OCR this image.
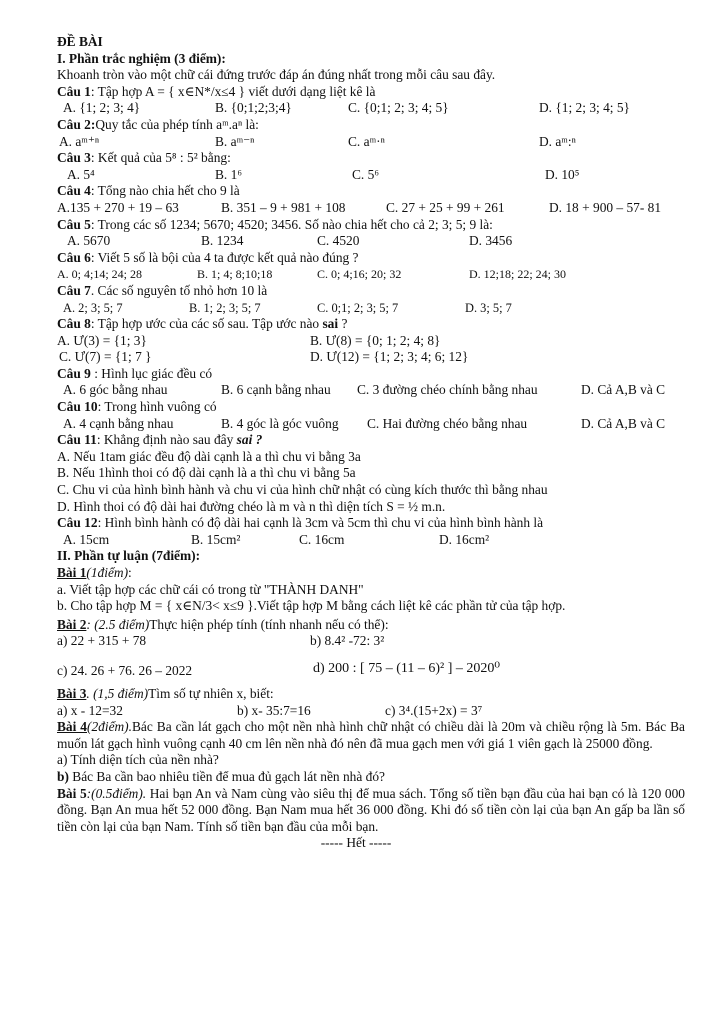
ĐỀ BÀI
I. Phần trắc nghiệm (3 điểm):
Khoanh tròn vào một chữ cái đứng trước đáp án đúng nhất trong mỗi câu sau đây.
Câu 1: Tập hợp A = { x∈N*/x≤4 } viết dưới dạng liệt kê là
A. {1; 2; 3; 4}	B. {0;1;2;3;4}	C. {0;1; 2; 3; 4; 5}	D. {1; 2; 3; 4; 5}
Câu 2:Quy tắc của phép tính aᵐ.aⁿ là:
A. aᵐ⁺ⁿ	B. aᵐ⁻ⁿ	C. aᵐ·ⁿ	D. aᵐ:ⁿ
Câu 3: Kết quả của 5⁸ : 5² bằng:
A. 5⁴	B. 1⁶	C. 5⁶	D. 10⁵
Câu 4: Tổng nào chia hết cho 9 là
A.135 + 270 + 19 – 63	B. 351 – 9 + 981 + 108	C. 27 + 25 + 99 + 261	D. 18 + 900 – 57- 81
Câu 5: Trong các số 1234; 5670; 4520; 3456. Số nào chia hết cho cả 2; 3; 5; 9 là:
A. 5670	B. 1234	C. 4520	D. 3456
Câu 6: Viết 5 số là bội của 4 ta được kết quả nào đúng ?
A. 0; 4;14; 24; 28	B. 1; 4; 8;10;18	C. 0; 4;16; 20; 32	D. 12;18; 22; 24; 30
Câu 7. Các số nguyên tố nhỏ hơn 10 là
A. 2; 3; 5; 7	B. 1; 2; 3; 5; 7	C. 0;1; 2; 3; 5; 7	D. 3; 5; 7
Câu 8: Tập hợp ước của các số sau. Tập ước nào sai ?
A. Ư(3) = {1; 3}	B. Ư(8) = {0; 1; 2; 4; 8}
C. Ư(7) = {1; 7 }	D. Ư(12) = {1; 2; 3; 4; 6; 12}
Câu 9 : Hình lục giác đều có
A. 6 góc bằng nhau	B. 6 cạnh bằng nhau C. 3 đường chéo chính bằng nhau	D. Cả A,B và C
Câu 10: Trong hình vuông có
A. 4 cạnh bằng nhau	B. 4 góc là góc vuông C. Hai đường chéo bằng nhau	D. Cả A,B và C
Câu 11: Khẳng định nào sau đây sai ?
A. Nếu 1tam giác đều độ dài cạnh là a thì chu vi bằng 3a
B. Nếu 1hình thoi có độ dài cạnh là a thì chu vi bằng 5a
C. Chu vi của hình bình hành và chu vi của hình chữ nhật có cùng kích thước thì bằng nhau
D. Hình thoi có độ dài hai đường chéo là m và n thì diện tích S = ½ m.n.
Câu 12: Hình bình hành có độ dài hai cạnh là 3cm và 5cm thì chu vi của hình bình hành là
A. 15cm	B. 15cm²	C. 16cm	D. 16cm²
II. Phần tự luận (7điểm):
Bài 1(1điểm):
a. Viết tập hợp các chữ cái có trong từ "THÀNH DANH"
b. Cho tập hợp M = { x∈N/3< x≤9 }.Viết tập hợp M bằng cách liệt kê các phần tử của tập hợp.
Bài 2: (2.5 điểm)Thực hiện phép tính (tính nhanh nếu có thể):
a) 22 + 315 + 78	b) 8.4² -72: 3²
c) 24. 26 + 76. 26 – 2022	d) 200 : [ 75 – (11 – 6)² ] – 2020⁰
Bài 3. (1,5 điểm)Tìm số tự nhiên x, biết:
a) x - 12=32	b) x- 35:7=16	c) 3⁴.(15+2x) = 3⁷
Bài 4(2điểm).Bác Ba cần lát gạch cho một nền nhà hình chữ nhật có chiều dài là 20m và chiều rộng là 5m. Bác Ba muốn lát gạch hình vuông cạnh 40 cm lên nền nhà đó nên đã mua gạch men với giá 1 viên gạch là 25000 đồng.
a) Tính diện tích của nền nhà?
b) Bác Ba cần bao nhiêu tiền để mua đủ gạch lát nền nhà đó?
Bài 5:(0.5điểm). Hai bạn An và Nam cùng vào siêu thị để mua sách. Tổng số tiền bạn đầu của hai bạn có là 120 000 đồng. Bạn An mua hết 52 000 đồng. Bạn Nam mua hết 36 000 đồng. Khi đó số tiền còn lại của bạn An gấp ba lần số tiền còn lại của bạn Nam. Tính số tiền bạn đầu của mỗi bạn.
----- Hết -----
